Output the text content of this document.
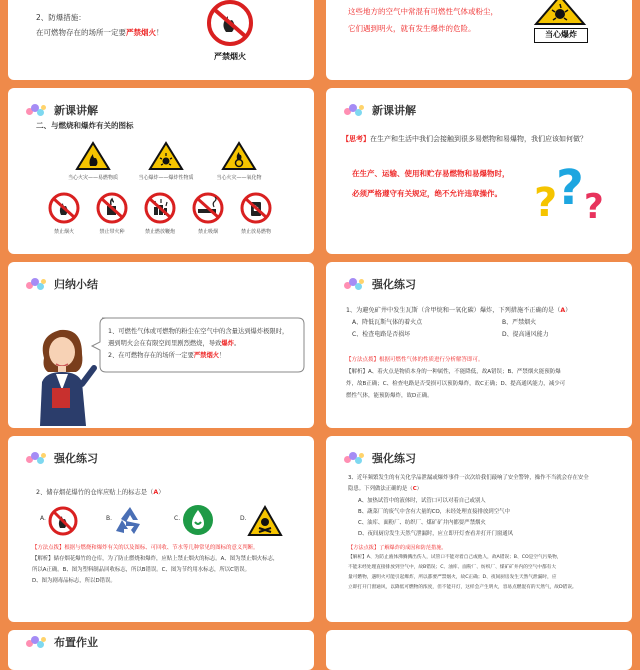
2、防爆措施：
在可燃物存在的场所一定要严禁烟火！
严禁烟火
这些地方的空气中常混有可燃性气体或粉尘，
它们遇到明火，就有发生爆炸的危险。
当心爆炸
新课讲解
二、与燃烧和爆炸有关的图标
当心火灾——易燃物质	当心爆炸——爆炸性物质	当心火灾——氧化物
禁止烟火	禁止带火种	禁止燃放鞭炮	禁止吸烟	禁止放易燃物
新课讲解
【思考】在生产和生活中我们会接触到很多易燃物和易爆物，我们应该如何做？
在生产、运输、使用和贮存易燃物和易爆物时，
必须严格遵守有关规定，绝不允许违章操作。 ?
? ?
归纳小结
1、可燃性气体或可燃物的粉尘在空气中的含量达到爆炸极限时，
遇到明火会在有限空间里剧烈燃烧，导致爆炸。
2、在可燃物存在的场所一定要严禁烟火！
强化练习
1、为避免矿井中发生瓦斯（含甲烷和一氧化碳）爆炸，下列措施不正确的是（A）
A、降低瓦斯气体的着火点	B、严禁烟火
C、检查电路是否损坏	D、提高通风能力
【方法点拨】根据可燃性气体的性质进行分析解答即可。
【解析】A、着火点是物质本身的一种属性，不能降低，故A错误；B、严禁烟火能预防爆
炸，故B正确；C、检查电路是否受损可以预防爆炸，故C正确；D、提高通风能力，减少可
燃性气体，能预防爆炸，故D正确。
强化练习
2、储存烟花爆竹的仓库应贴上的标志是（A）
A.	B.	C.	D.
【方法点拨】根据与燃烧和爆炸有关的以及图标、可回收、节水等几种常见的图标的意义判断。
【解析】储存烟花爆竹的仓库，为了防止燃烧和爆炸，应贴上禁止烟火的标志。A、图为禁止烟火标志，
所以A正确。B、图为塑料制品回收标志，所以B错误。C、图为节约用水标志，所以C错误。
D、图为剧毒品标志，所以D错误。
强化练习
3、近年频繁发生的有关化学品泄漏或爆炸事件一次次给我们敲响了安全警钟，操作不当就会存在安全
隐患。下列做法正确的是（C）
A、加热试管中的液体时，试管口可以对着自己或别人
B、蔬菜厂的废气中含有大量的CO，未经处理直接排放到空气中
C、油库、面粉厂、纺织厂、煤矿矿井内都要严禁烟火
D、夜间厨房发生天然气泄漏时，应立即开灯查看并打开门窗通风
【方法点拨】了解爆炸的成因和防范措施。
【解析】A、为防止液体沸腾溅出伤人，试管口不能对着自己或他人，故A错误；B、CO是空气污染物，
不能未经处理直接排放到空气中，故B错误；C、油库、面粉厂、纺织厂、煤矿矿井内的空气中都有大
量可燃物，遇明火可能引起爆炸，所以都要严禁烟火，故C正确；D、夜间厨房发生天然气泄漏时，应
立即打开门窗通风，以降低可燃物的浓度，但不能开灯，这样会产生明火，容易点燃混有的天然气，故D错误。
布置作业
